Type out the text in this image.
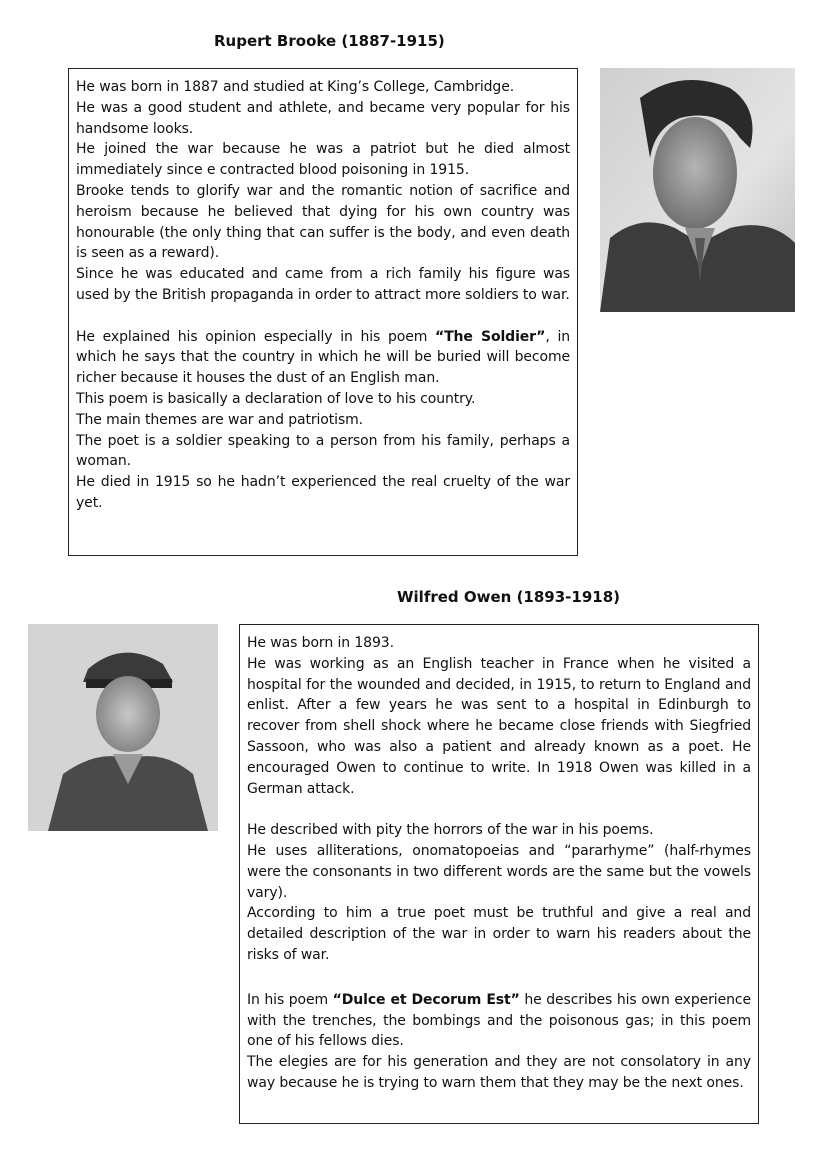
Rupert Brooke (1887-1915)

He was born in 1887 and studied at King’s College, Cambridge.

He was a good student and athlete, and became very popular for his handsome looks.

He joined the war because he was a patriot but he died almost immediately since e contracted blood poisoning in 1915.

Brooke tends to glorify war and the romantic notion of sacrifice and heroism because he believed that dying for his own country was honourable (the only thing that can suffer is the body, and even death is seen as a reward).

Since he was educated and came from a rich family his figure was used by the British propaganda in order to attract more soldiers to war.

He explained his opinion especially in his poem “The Soldier”, in which he says that the country in which he will be buried will become richer because it houses the dust of an English man.

This poem is basically a declaration of love to his country.

The main themes are war and patriotism.

The poet is a soldier speaking to a person from his family, perhaps a woman.

He died in 1915 so he hadn’t experienced the real cruelty of the war yet.

Wilfred Owen (1893-1918)

He was born in 1893.

He was working as an English teacher in France when he visited a hospital for the wounded and decided, in 1915, to return to England and enlist. After a few years he was sent to a hospital in Edinburgh to recover from shell shock where he became close friends with Siegfried Sassoon, who was also a patient and already known as a poet. He encouraged Owen to continue to write. In 1918 Owen was killed in a German attack.

He described with pity the horrors of the war in his poems.

He uses alliterations, onomatopoeias and “pararhyme” (half-rhymes were the consonants in two different words are the same but the vowels vary).

According to him a true poet must be truthful and give a real and detailed description of the war in order to warn his readers about the risks of war.

In his poem “Dulce et Decorum Est” he describes his own experience with the trenches, the bombings and the poisonous gas; in this poem one of his fellows dies.

The elegies are for his generation and they are not consolatory in any way because he is trying to warn them that they may be the next ones.
